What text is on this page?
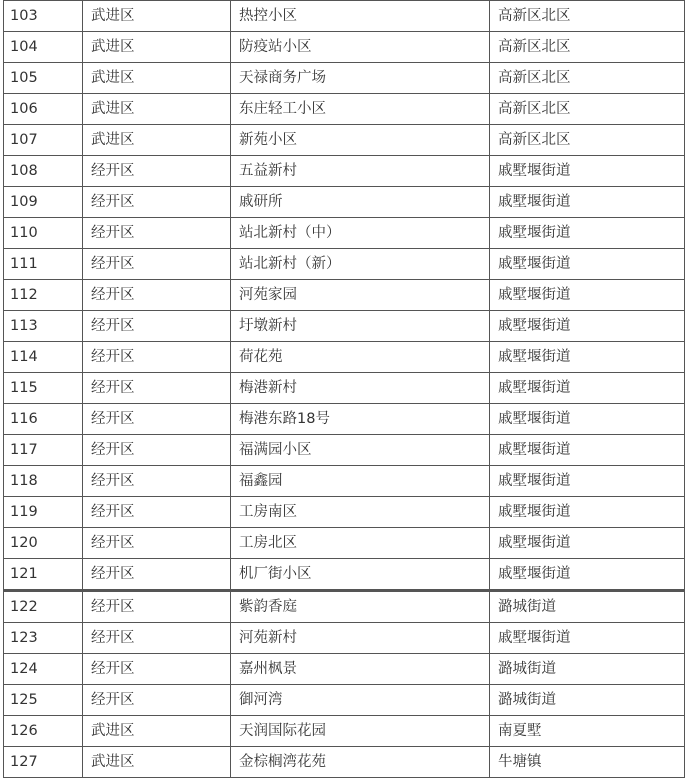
103	武进区	热控小区	高新区北区
104	武进区	防疫站小区	高新区北区
105	武进区	天禄商务广场	高新区北区
106	武进区	东庄轻工小区	高新区北区
107	武进区	新苑小区	高新区北区
108	经开区	五益新村	戚墅堰街道
109	经开区	戚研所	戚墅堰街道
110	经开区	站北新村（中）	戚墅堰街道
111	经开区	站北新村（新）	戚墅堰街道
112	经开区	河苑家园	戚墅堰街道
113	经开区	圩墩新村	戚墅堰街道
114	经开区	荷花苑	戚墅堰街道
115	经开区	梅港新村	戚墅堰街道
116	经开区	梅港东路18号	戚墅堰街道
117	经开区	福满园小区	戚墅堰街道
118	经开区	福鑫园	戚墅堰街道
119	经开区	工房南区	戚墅堰街道
120	经开区	工房北区	戚墅堰街道
121	经开区	机厂街小区	戚墅堰街道
122	经开区	紫韵香庭	潞城街道
123	经开区	河苑新村	戚墅堰街道
124	经开区	嘉州枫景	潞城街道
125	经开区	御河湾	潞城街道
126	武进区	天润国际花园	南夏墅
127	武进区	金棕榈湾花苑	牛塘镇
